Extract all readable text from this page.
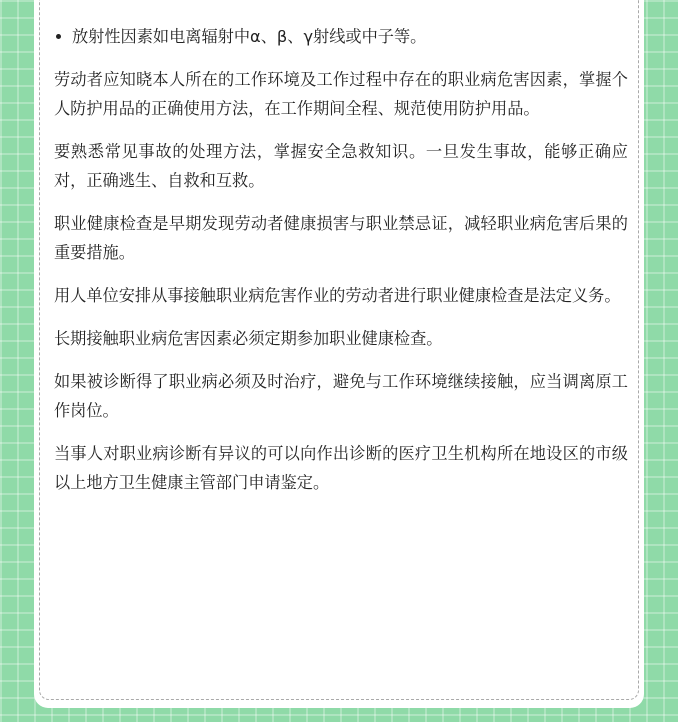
放射性因素如电离辐射中α、β、γ射线或中子等。

劳动者应知晓本人所在的工作环境及工作过程中存在的职业病危害因素，掌握个人防护用品的正确使用方法，在工作期间全程、规范使用防护用品。

要熟悉常见事故的处理方法，掌握安全急救知识。一旦发生事故，能够正确应对，正确逃生、自救和互救。

职业健康检查是早期发现劳动者健康损害与职业禁忌证，减轻职业病危害后果的重要措施。

用人单位安排从事接触职业病危害作业的劳动者进行职业健康检查是法定义务。

长期接触职业病危害因素必须定期参加职业健康检查。

如果被诊断得了职业病必须及时治疗，避免与工作环境继续接触，应当调离原工作岗位。

当事人对职业病诊断有异议的可以向作出诊断的医疗卫生机构所在地设区的市级以上地方卫生健康主管部门申请鉴定。
